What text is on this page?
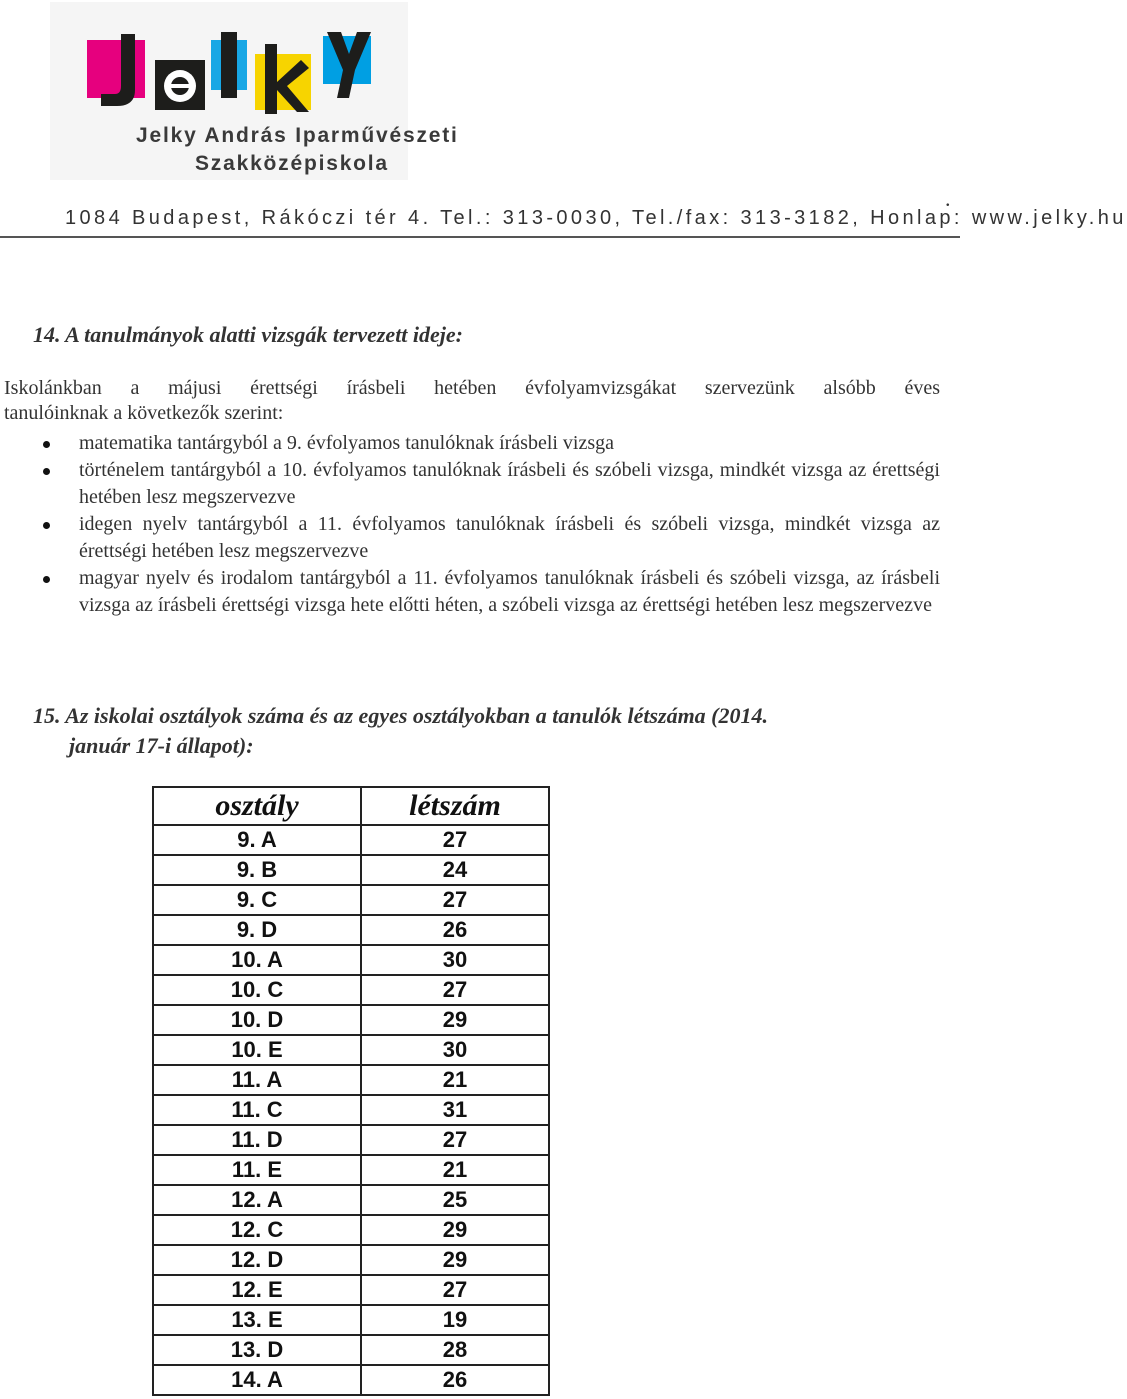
Jelky András Iparművészeti
Szakközépiskola
1084 Budapest, Rákóczi tér 4. Tel.: 313-0030, Tel./fax: 313-3182, Honlap: www.jelky.hu
.
14. A tanulmányok alatti vizsgák tervezett ideje:
Iskolánkban a májusi érettségi írásbeli hetében évfolyamvizsgákat szervezünk alsóbb éves
tanulóinknak a következők szerint:
matematika tantárgyból a 9. évfolyamos tanulóknak írásbeli vizsga
történelem tantárgyból a 10. évfolyamos tanulóknak írásbeli és szóbeli vizsga, mindkét vizsga az érettségi hetében lesz megszervezve
idegen nyelv tantárgyból a 11. évfolyamos tanulóknak írásbeli és szóbeli vizsga, mindkét vizsga az érettségi hetében lesz megszervezve
magyar nyelv és irodalom tantárgyból a 11. évfolyamos tanulóknak írásbeli és szóbeli vizsga, az írásbeli vizsga az írásbeli érettségi vizsga hete előtti héten, a szóbeli vizsga az érettségi hetében lesz megszervezve
15. Az iskolai osztályok száma és az egyes osztályokban a tanulók létszáma (2014.
január 17-i állapot):
osztály	létszám
9. A	27
9. B	24
9. C	27
9. D	26
10. A	30
10. C	27
10. D	29
10. E	30
11. A	21
11. C	31
11. D	27
11. E	21
12. A	25
12. C	29
12. D	29
12. E	27
13. E	19
13. D	28
14. A	26
